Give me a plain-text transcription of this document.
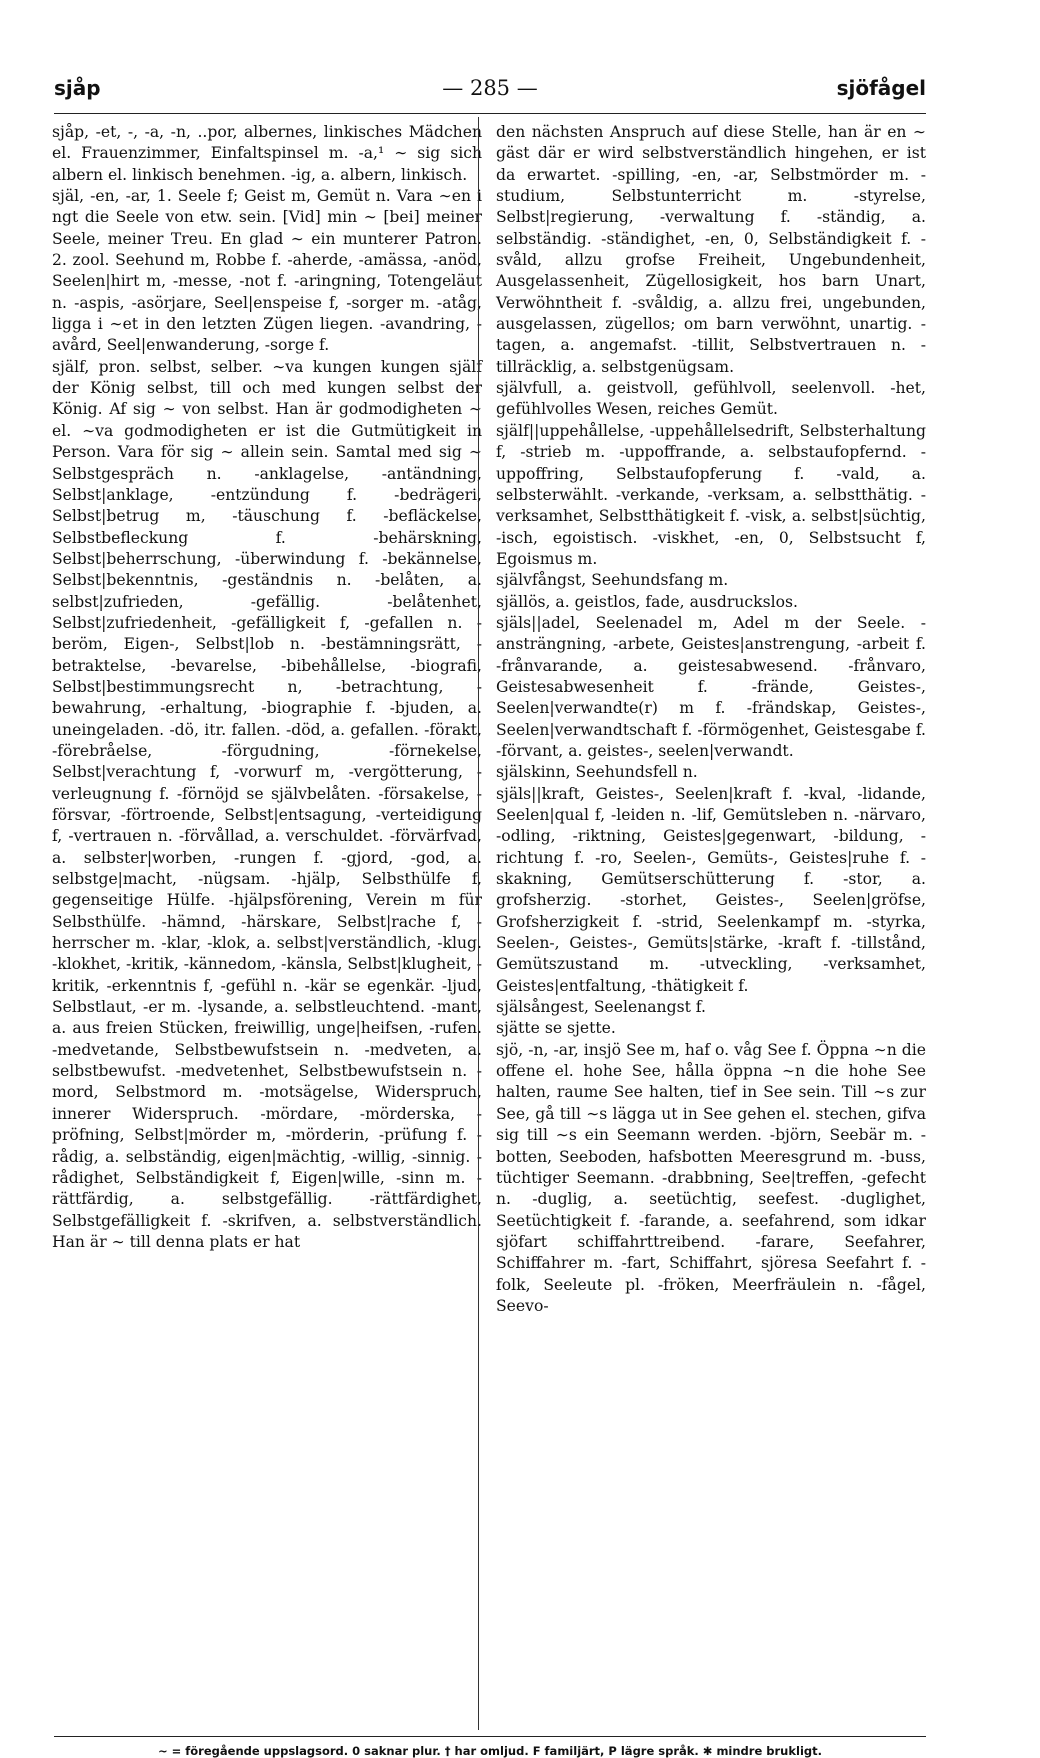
sjåp	— 285 —	sjöfågel

sjåp, -et, -, -a, -n, ..por, albernes, linkisches Mädchen el. Frauenzimmer, Einfaltspinsel m. -a,¹ ∼ sig sich albern el. linkisch benehmen. -ig, a. albern, linkisch.

själ, -en, -ar, 1. Seele f; Geist m, Gemüt n. Vara ∼en i ngt die Seele von etw. sein. [Vid] min ∼ [bei] meiner Seele, meiner Treu. En glad ∼ ein munterer Patron. 2. zool. Seehund m, Robbe f. -aherde, -amässa, -anöd, Seelen|hirt m, -messe, -not f. -aringning, Totengeläut n. -aspis, -asörjare, Seel|enspeise f, -sorger m. -atåg, ligga i ∼et in den letzten Zügen liegen. -avandring, -avård, Seel|enwanderung, -sorge f.

själf, pron. selbst, selber. ∼va kungen kungen själf der König selbst, till och med kungen selbst der König. Af sig ∼ von selbst. Han är godmodigheten ∼ el. ∼va godmodigheten er ist die Gutmütigkeit in Person. Vara för sig ∼ allein sein. Samtal med sig ∼ Selbstgespräch n. -anklagelse, -antändning, Selbst|anklage, -entzündung f. -bedrägeri, Selbst|betrug m, -täuschung f. -befläckelse, Selbstbefleckung f. -behärskning, Selbst|beherrschung, -überwindung f. -bekännelse, Selbst|bekenntnis, -geständnis n. -belåten, a. selbst|zufrieden, -gefällig. -belåtenhet, Selbst|zufriedenheit, -gefälligkeit f, -gefallen n. -beröm, Eigen-, Selbst|lob n. -bestämningsrätt, -betraktelse, -bevarelse, -bibehållelse, -biografi, Selbst|bestimmungsrecht n, -betrachtung, -bewahrung, -erhaltung, -biographie f. -bjuden, a. uneingeladen. -dö, itr. fallen. -död, a. gefallen. -förakt, -förebråelse, -förgudning, -förnekelse, Selbst|verachtung f, -vorwurf m, -vergötterung, -verleugnung f. -förnöjd se självbelåten. -försakelse, -försvar, -förtroende, Selbst|entsagung, -verteidigung f, -vertrauen n. -förvållad, a. verschuldet. -förvärfvad, a. selbster|worben, -rungen f. -gjord, -god, a. selbstge|macht, -nügsam. -hjälp, Selbsthülfe f, gegenseitige Hülfe. -hjälpsförening, Verein m für Selbsthülfe. -hämnd, -härskare, Selbst|rache f, -herrscher m. -klar, -klok, a. selbst|verständlich, -klug. -klokhet, -kritik, -kännedom, -känsla, Selbst|klugheit, -kritik, -erkenntnis f, -gefühl n. -kär se egenkär. -ljud, Selbstlaut, -er m. -lysande, a. selbstleuchtend. -mant, a. aus freien Stücken, freiwillig, unge|heifsen, -rufen. -medvetande, Selbstbewufstsein n. -medveten, a. selbstbewufst. -medvetenhet, Selbstbewufstsein n. -mord, Selbstmord m. -motsägelse, Widerspruch, innerer Widerspruch. -mördare, -mörderska, -pröfning, Selbst|mörder m, -mörderin, -prüfung f. -rådig, a. selbständig, eigen|mächtig, -willig, -sinnig. -rådighet, Selbständigkeit f, Eigen|wille, -sinn m. -rättfärdig, a. selbstgefällig. -rättfärdighet, Selbstgefälligkeit f. -skrifven, a. selbstverständlich. Han är ∼ till denna plats er hat

den nächsten Anspruch auf diese Stelle, han är en ∼ gäst där er wird selbstverständlich hingehen, er ist da erwartet. -spilling, -en, -ar, Selbstmörder m. -studium, Selbstunterricht m. -styrelse, Selbst|regierung, -verwaltung f. -ständig, a. selbständig. -ständighet, -en, 0, Selbständigkeit f. -svåld, allzu grofse Freiheit, Ungebundenheit, Ausgelassenheit, Zügellosigkeit, hos barn Unart, Verwöhntheit f. -svåldig, a. allzu frei, ungebunden, ausgelassen, zügellos; om barn verwöhnt, unartig. -tagen, a. angemafst. -tillit, Selbstvertrauen n. -tillräcklig, a. selbstgenügsam.

självfull, a. geistvoll, gefühlvoll, seelenvoll. -het, gefühlvolles Wesen, reiches Gemüt.

själf||uppehållelse, -uppehållelsedrift, Selbsterhaltung f, -strieb m. -uppoffrande, a. selbstaufopfernd. -uppoffring, Selbstaufopferung f. -vald, a. selbsterwählt. -verkande, -verksam, a. selbstthätig. -verksamhet, Selbstthätigkeit f. -visk, a. selbst|süchtig, -isch, egoistisch. -viskhet, -en, 0, Selbstsucht f, Egoismus m.

självfångst, Seehundsfang m.

själlös, a. geistlos, fade, ausdruckslos.

själs||adel, Seelenadel m, Adel m der Seele. -ansträngning, -arbete, Geistes|anstrengung, -arbeit f. -frånvarande, a. geistesabwesend. -frånvaro, Geistesabwesenheit f. -frände, Geistes-, Seelen|verwandte(r) m f. -frändskap, Geistes-, Seelen|verwandtschaft f. -förmögenhet, Geistesgabe f. -förvant, a. geistes-, seelen|verwandt.

själskinn, Seehundsfell n.

själs||kraft, Geistes-, Seelen|kraft f. -kval, -lidande, Seelen|qual f, -leiden n. -lif, Gemütsleben n. -närvaro, -odling, -riktning, Geistes|gegenwart, -bildung, -richtung f. -ro, Seelen-, Gemüts-, Geistes|ruhe f. -skakning, Gemütserschütterung f. -stor, a. grofsherzig. -storhet, Geistes-, Seelen|gröfse, Grofsherzigkeit f. -strid, Seelenkampf m. -styrka, Seelen-, Geistes-, Gemüts|stärke, -kraft f. -tillstånd, Gemütszustand m. -utveckling, -verksamhet, Geistes|entfaltung, -thätigkeit f.

själsångest, Seelenangst f.

sjätte se sjette.

sjö, -n, -ar, insjö See m, haf o. våg See f. Öppna ∼n die offene el. hohe See, hålla öppna ∼n die hohe See halten, raume See halten, tief in See sein. Till ∼s zur See, gå till ∼s lägga ut in See gehen el. stechen, gifva sig till ∼s ein Seemann werden. -björn, Seebär m. -botten, Seeboden, hafsbotten Meeresgrund m. -buss, tüchtiger Seemann. -drabbning, See|treffen, -gefecht n. -duglig, a. seetüchtig, seefest. -duglighet, Seetüchtigkeit f. -farande, a. seefahrend, som idkar sjöfart schiffahrttreibend. -farare, Seefahrer, Schiffahrer m. -fart, Schiffahrt, sjöresa Seefahrt f. -folk, Seeleute pl. -fröken, Meerfräulein n. -fågel, Seevo-

∼ = föregående uppslagsord. 0 saknar plur. † har omljud. F familjärt, P lägre språk. ✱ mindre brukligt.
